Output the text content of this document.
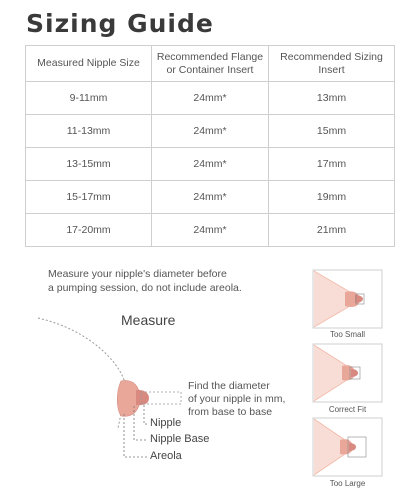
Sizing Guide
Measured Nipple Size	Recommended Flange or Container Insert	Recommended Sizing Insert
9-11mm	24mm*	13mm
11-13mm	24mm*	15mm
13-15mm	24mm*	17mm
15-17mm	24mm*	19mm
17-20mm	24mm*	21mm
Measure your nipple's diameter before
a pumping session, do not include areola.
Measure
Find the diameter
of your nipple in mm,
from base to base
Nipple
Nipple Base
Areola
Too Small
Correct Fit
Too Large
